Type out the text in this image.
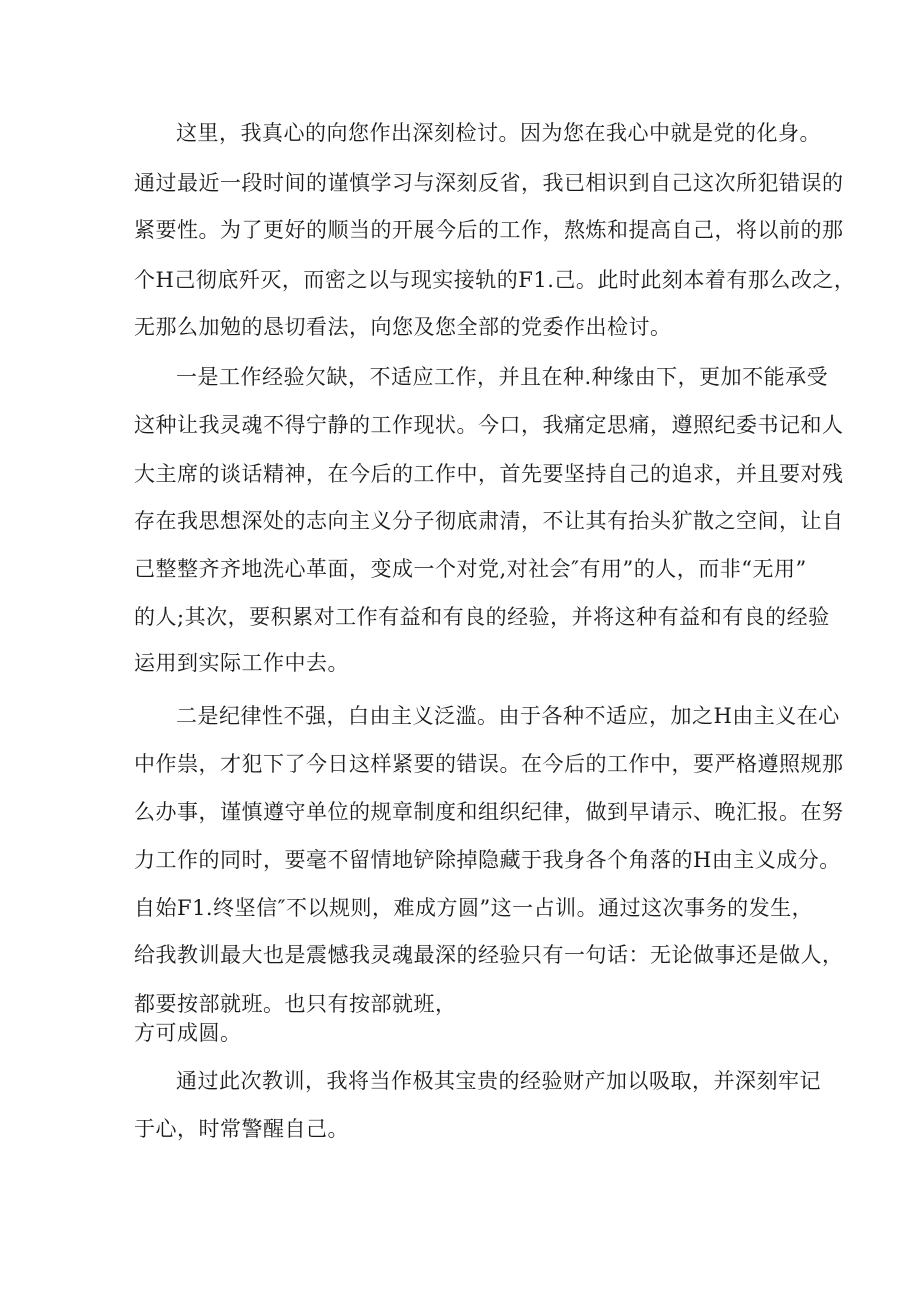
这里，我真心的向您作出深刻检讨。因为您在我心中就是党的化身。
通过最近一段时间的谨慎学习与深刻反省，我已相识到自己这次所犯错误的
紧要性。为了更好的顺当的开展今后的工作，熬炼和提高自己，将以前的那
个H己彻底歼灭，而密之以与现实接轨的F1.己。此时此刻本着有那么改之，
无那么加勉的恳切看法，向您及您全部的党委作出检讨。
一是工作经验欠缺，不适应工作，并且在种.种缘由下，更加不能承受
这种让我灵魂不得宁静的工作现状。今口，我痛定思痛，遵照纪委书记和人
大主席的谈话精神，在今后的工作中，首先要坚持自己的追求，并且要对残
存在我思想深处的志向主义分子彻底肃清，不让其有抬头犷散之空间，让自
己整整齐齐地洗心革面，变成一个对党,对社会″有用”的人，而非“无用”
的人;其次，要积累对工作有益和有良的经验，并将这种有益和有良的经验
运用到实际工作中去。
二是纪律性不强，白由主义泛滥。由于各种不适应，加之H由主义在心
中作祟，才犯下了今日这样紧要的错误。在今后的工作中，要严格遵照规那
么办事，谨慎遵守单位的规章制度和组织纪律，做到早请示、晚汇报。在努
力工作的同时，要毫不留情地铲除掉隐藏于我身各个角落的H由主义成分。
自始F1.终坚信″不以规则，难成方圆”这一占训。通过这次事务的发生，
给我教训最大也是震憾我灵魂最深的经验只有一句话：无论做事还是做人，
都要按部就班。也只有按部就班，
方可成圆。
通过此次教训，我将当作极其宝贵的经验财产加以吸取，并深刻牢记
于心，时常警醒自己。
